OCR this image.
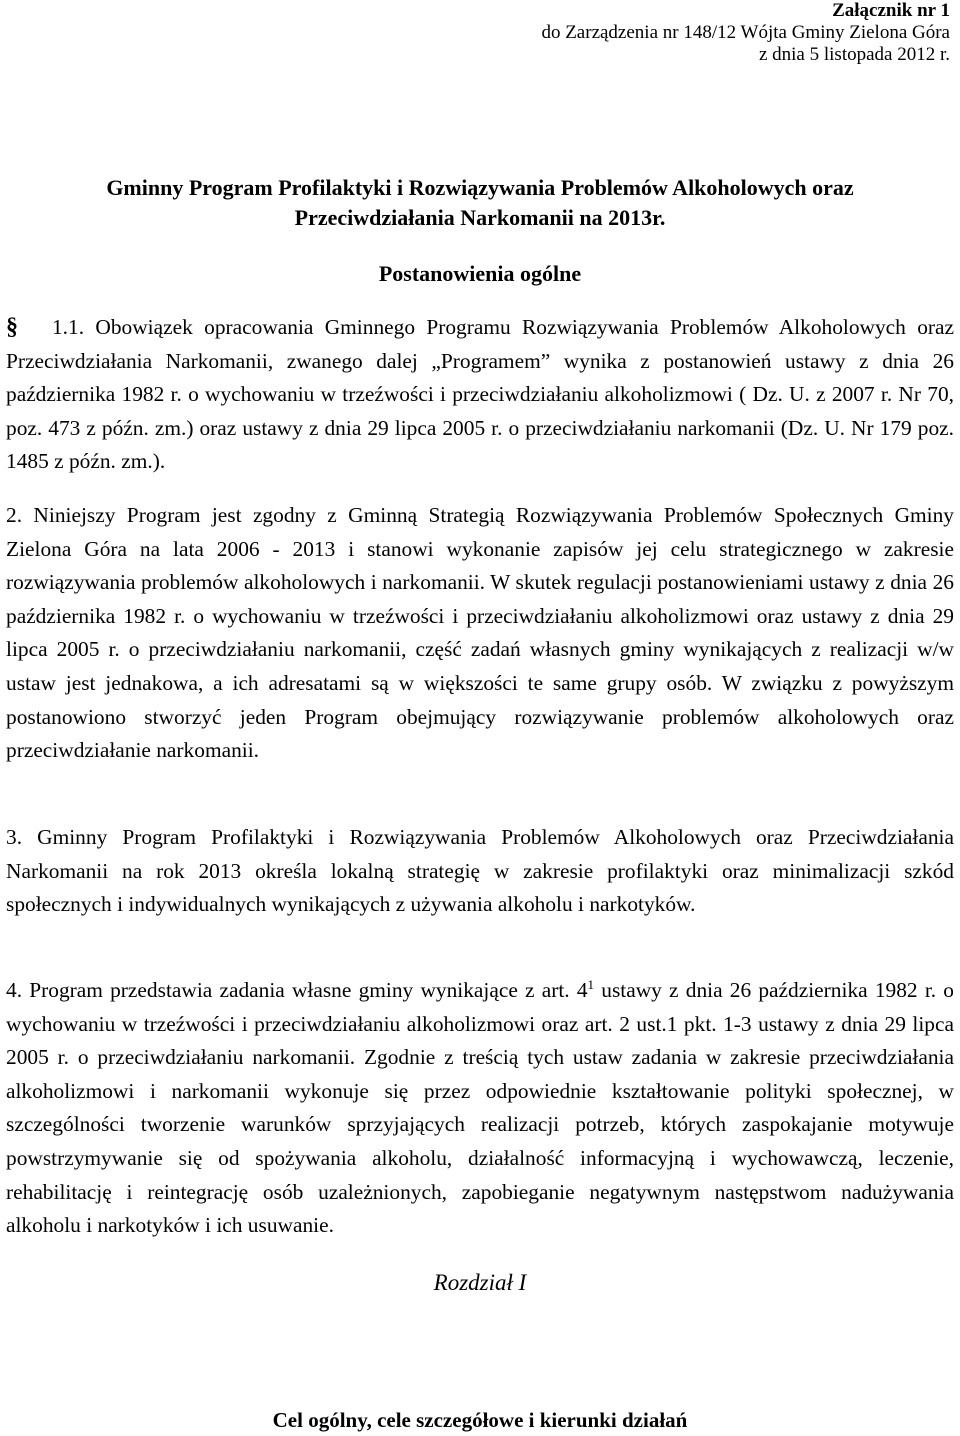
Załącznik nr 1
do Zarządzenia nr 148/12 Wójta Gminy Zielona Góra
z dnia 5 listopada 2012 r.
Gminny Program Profilaktyki i Rozwiązywania Problemów Alkoholowych oraz
Przeciwdziałania Narkomanii na 2013r.
Postanowienia ogólne

§ 1.1. Obowiązek opracowania Gminnego Programu Rozwiązywania Problemów Alkoholowych oraz Przeciwdziałania Narkomanii, zwanego dalej „Programem” wynika z postanowień ustawy z dnia 26 października 1982 r. o wychowaniu w trzeźwości i przeciwdziałaniu alkoholizmowi ( Dz. U. z 2007 r. Nr 70, poz. 473 z późn. zm.) oraz ustawy z dnia 29 lipca 2005 r. o przeciwdziałaniu narkomanii (Dz. U. Nr 179 poz. 1485 z późn. zm.).

2. Niniejszy Program jest zgodny z Gminną Strategią Rozwiązywania Problemów Społecznych Gminy Zielona Góra na lata 2006 - 2013 i stanowi wykonanie zapisów jej celu strategicznego w zakresie rozwiązywania problemów alkoholowych i narkomanii. W skutek regulacji postanowieniami ustawy z dnia 26 października 1982 r. o wychowaniu w trzeźwości i przeciwdziałaniu alkoholizmowi oraz ustawy z dnia 29 lipca 2005 r. o przeciwdziałaniu narkomanii, część zadań własnych gminy wynikających z realizacji w/w ustaw jest jednakowa, a ich adresatami są w większości te same grupy osób. W związku z powyższym postanowiono stworzyć jeden Program obejmujący rozwiązywanie problemów alkoholowych oraz przeciwdziałanie narkomanii.

3. Gminny Program Profilaktyki i Rozwiązywania Problemów Alkoholowych oraz Przeciwdziałania Narkomanii na rok 2013 określa lokalną strategię w zakresie profilaktyki oraz minimalizacji szkód społecznych i indywidualnych wynikających z używania alkoholu i narkotyków.

4. Program przedstawia zadania własne gminy wynikające z art. $4^1$ ustawy z dnia 26 października 1982 r. o wychowaniu w trzeźwości i przeciwdziałaniu alkoholizmowi oraz art. 2 ust.1 pkt. 1-3 ustawy z dnia 29 lipca 2005 r. o przeciwdziałaniu narkomanii. Zgodnie z treścią tych ustaw zadania w zakresie przeciwdziałania alkoholizmowi i narkomanii wykonuje się przez odpowiednie kształtowanie polityki społecznej, w szczególności tworzenie warunków sprzyjających realizacji potrzeb, których zaspokajanie motywuje powstrzymywanie się od spożywania alkoholu, działalność informacyjną i wychowawczą, leczenie, rehabilitację i reintegrację osób uzależnionych, zapobieganie negatywnym następstwom nadużywania alkoholu i narkotyków i ich usuwanie.

Rozdział I
Cel ogólny, cele szczegółowe i kierunki działań
